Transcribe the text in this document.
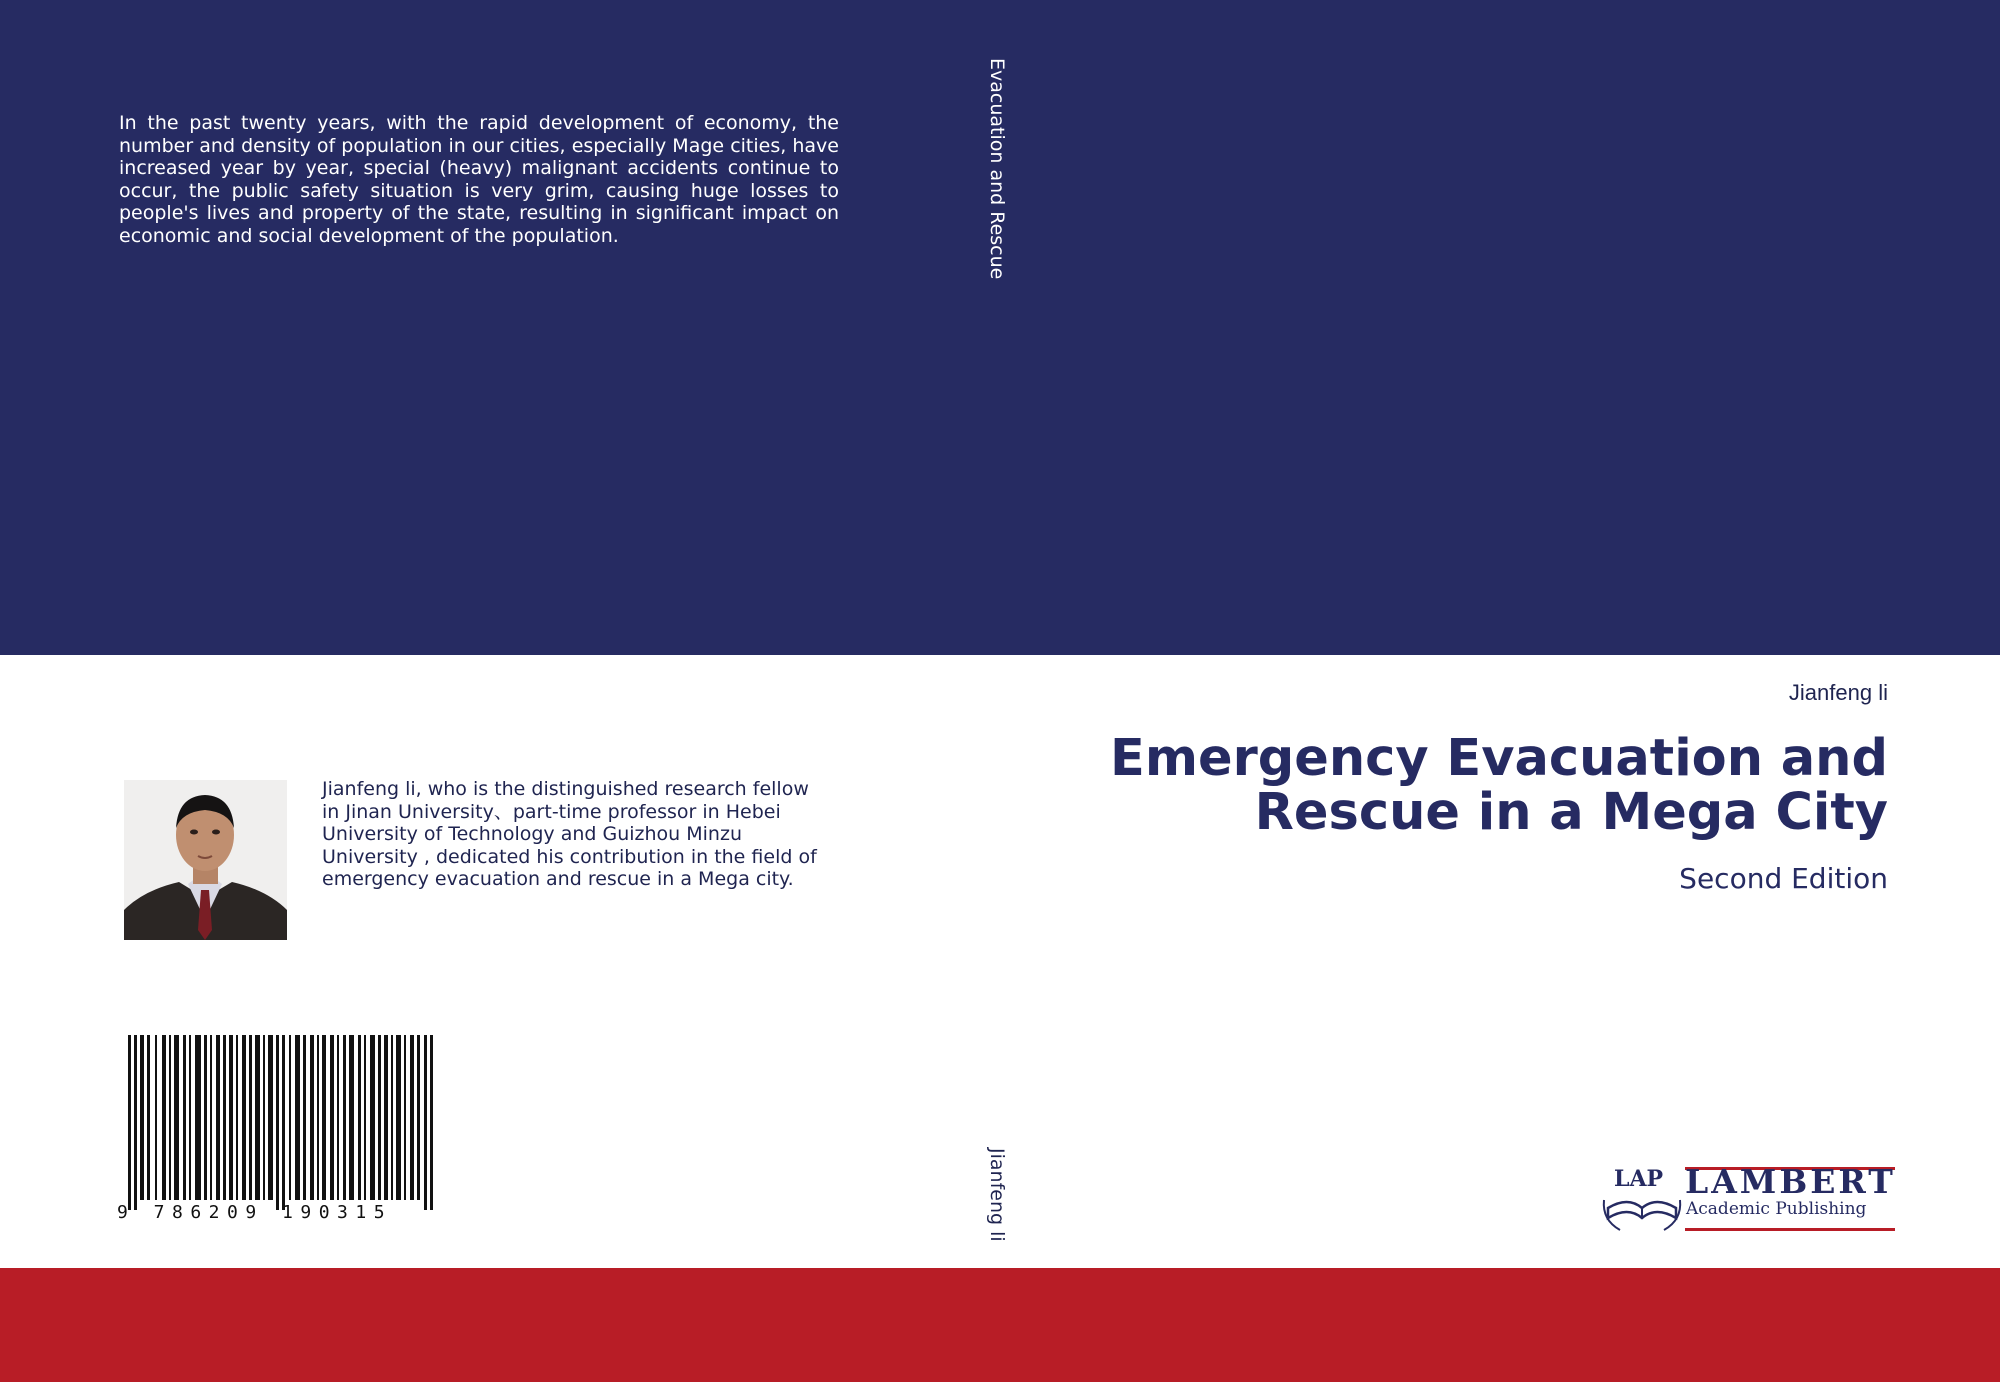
In the past twenty years, with the rapid development of economy, the number and density of population in our cities, especially Mage cities, have increased year by year, special (heavy) malignant accidents continue to occur, the public safety situation is very grim, causing huge losses to people's lives and property of the state, resulting in significant impact on economic and social development of the population.	Evacuation and Rescue
Jianfeng li
Jianfeng li
Emergency Evacuation and
Rescue in a Mega City
Second Edition

Jianfeng li, who is the distinguished research fellow in Jinan University、part-time professor in Hebei University of Technology and Guizhou Minzu University , dedicated his contribution in the field of emergency evacuation and rescue in a Mega city.

9 786209 190315
LAP LAMBERT
Academic Publishing
